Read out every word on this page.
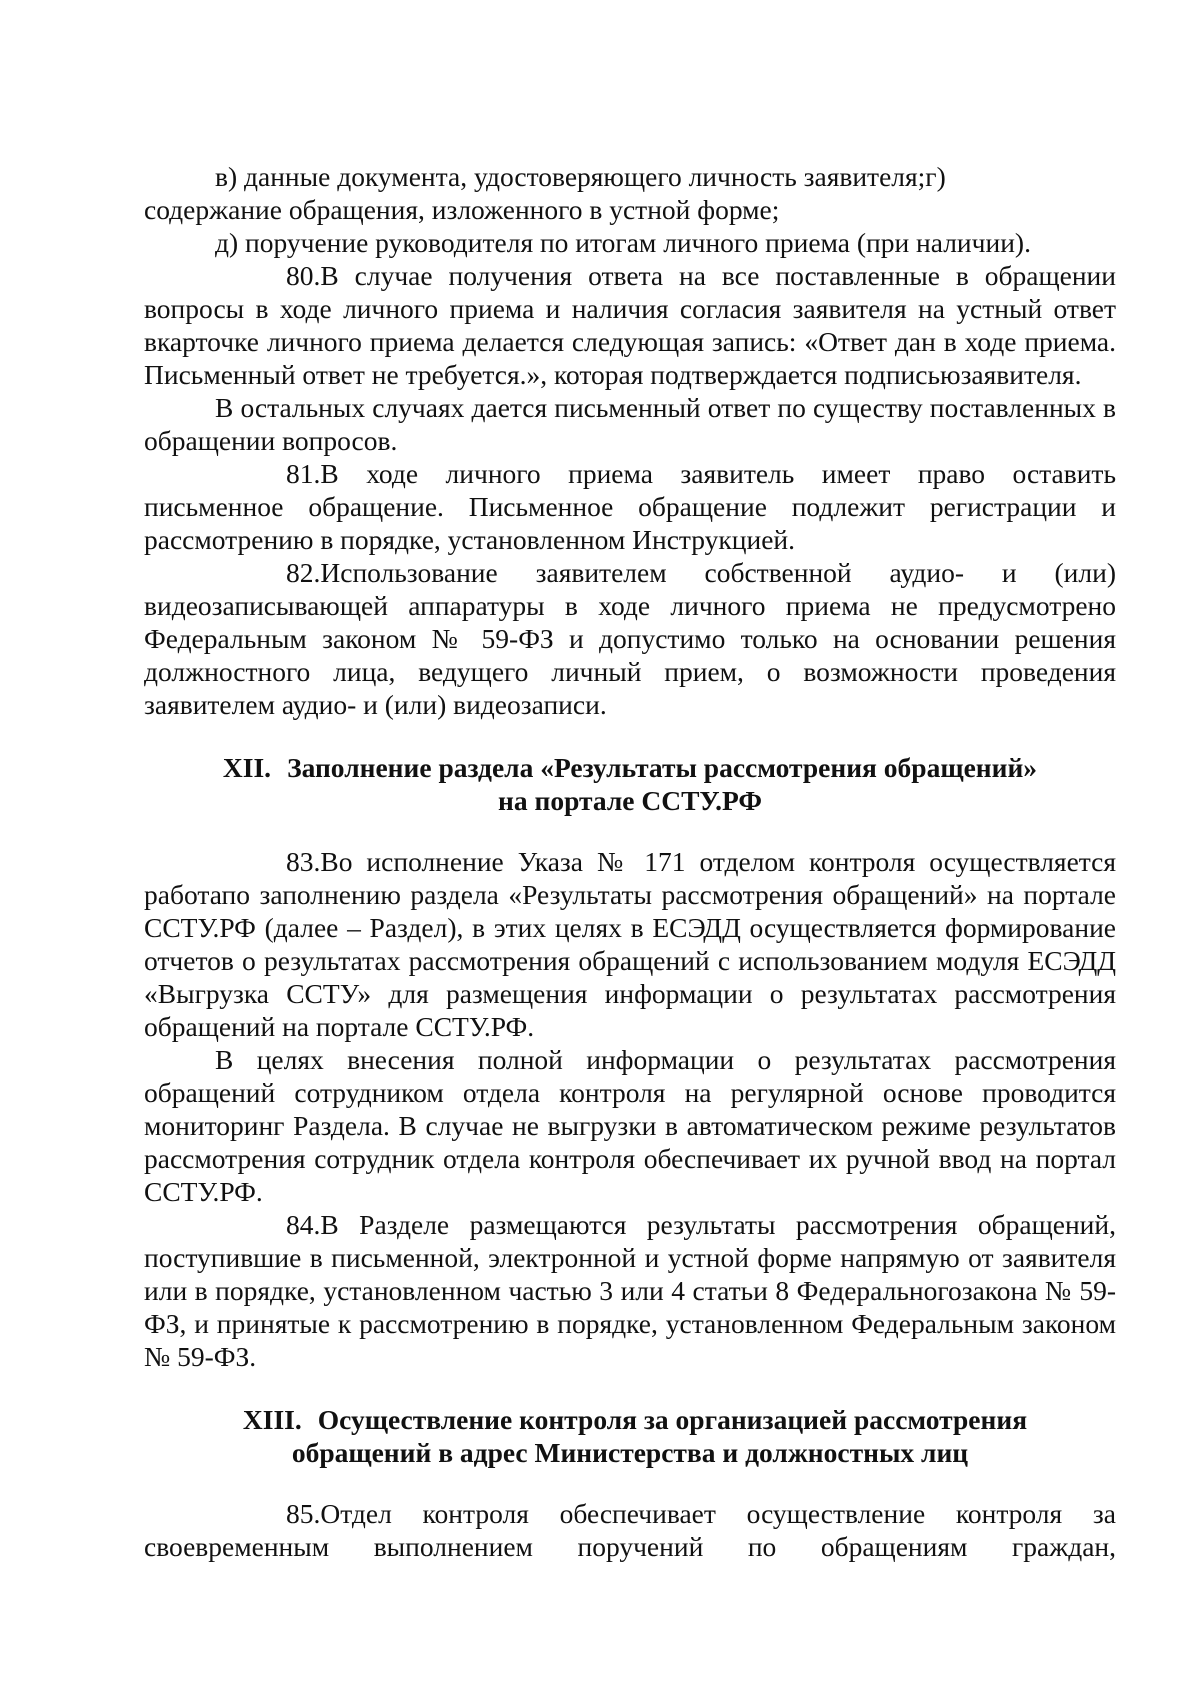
в) данные документа, удостоверяющего личность заявителя;г)

содержание обращения, изложенного в устной форме;

д) поручение руководителя по итогам личного приема (при наличии).

80.В случае получения ответа на все поставленные в обращении вопросы в ходе личного приема и наличия согласия заявителя на устный ответ вкарточке личного приема делается следующая запись: «Ответ дан в ходе приема. Письменный ответ не требуется.», которая подтверждается подписьюзаявителя.

В остальных случаях дается письменный ответ по существу поставленных в обращении вопросов.

81.В ходе личного приема заявитель имеет право оставить письменное обращение. Письменное обращение подлежит регистрации и рассмотрению в порядке, установленном Инструкцией.

82.Использование заявителем собственной аудио- и (или) видеозаписывающей аппаратуры в ходе личного приема не предусмотрено Федеральным законом № 59-ФЗ и допустимо только на основании решения должностного лица, ведущего личный прием, о возможности проведения заявителем аудио- и (или) видеозаписи.

XII. Заполнение раздела «Результаты рассмотрения обращений»
на портале ССТУ.РФ

83.Во исполнение Указа № 171 отделом контроля осуществляется работапо заполнению раздела «Результаты рассмотрения обращений» на портале ССТУ.РФ (далее – Раздел), в этих целях в ЕСЭДД осуществляется формирование отчетов о результатах рассмотрения обращений с использованием модуля ЕСЭДД «Выгрузка ССТУ» для размещения информации о результатах рассмотрения обращений на портале ССТУ.РФ.

В целях внесения полной информации о результатах рассмотрения обращений сотрудником отдела контроля на регулярной основе проводится мониторинг Раздела. В случае не выгрузки в автоматическом режиме результатов рассмотрения сотрудник отдела контроля обеспечивает их ручной ввод на портал ССТУ.РФ.

84.В Разделе размещаются результаты рассмотрения обращений, поступившие в письменной, электронной и устной форме напрямую от заявителя или в порядке, установленном частью 3 или 4 статьи 8 Федеральногозакона № 59-ФЗ, и принятые к рассмотрению в порядке, установленном Федеральным законом № 59-ФЗ.

XIII. Осуществление контроля за организацией рассмотрения
обращений в адрес Министерства и должностных лиц

85.Отдел контроля обеспечивает осуществление контроля за своевременным выполнением поручений по обращениям граждан,
